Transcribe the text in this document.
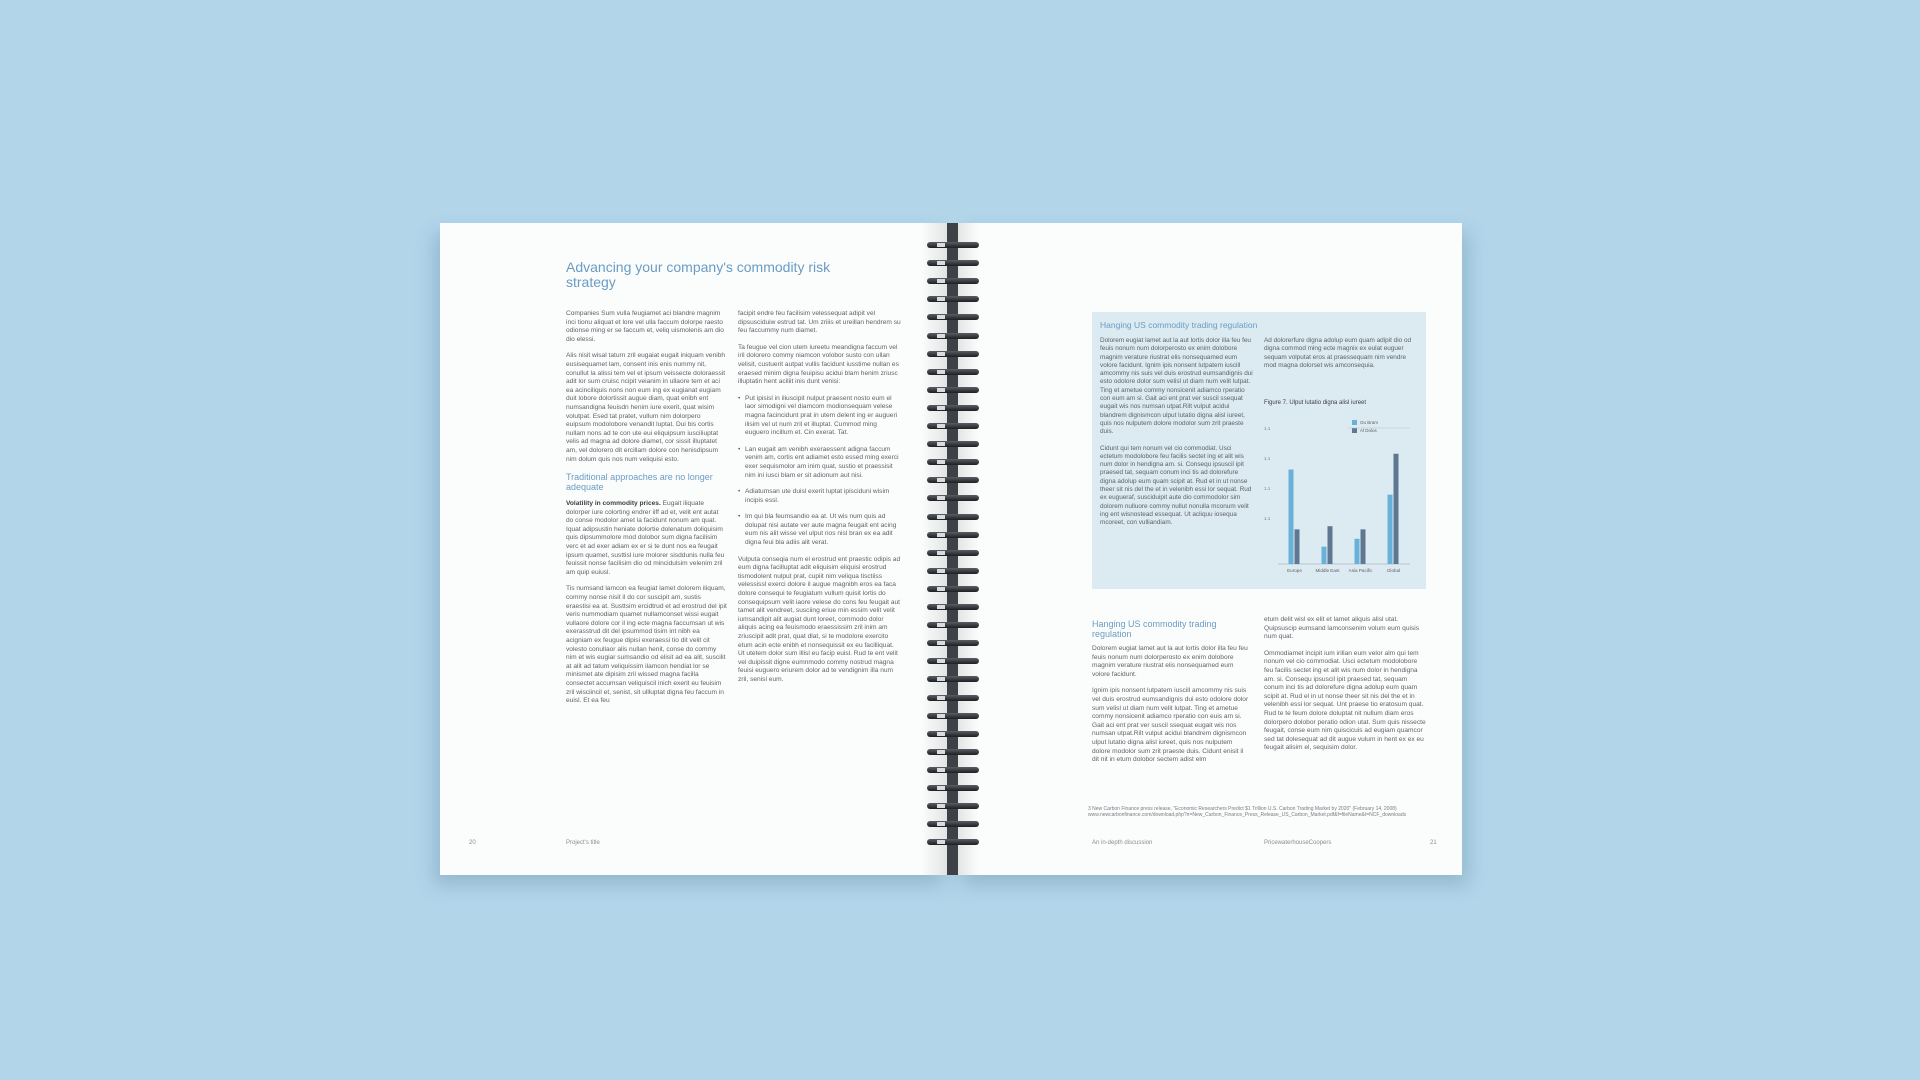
Advancing your company's commodity risk strategy

Companies Sum vulla feugiamet aci blandre magnim inci tionu aliquat et lore vel ulla faccum dolorpe raesto odionse ming er se faccum et, veliq uismolenis am dio dio elessi.

Alis nisit wisal taturn zril eugaiat eugait iniquam venibh eusisequamet lam, consent inis enis nummy nit, conullut la alissi tem vel et ipsum veissecte doloraessit adit lor sum cruisc ncipit veianim in ullaore tem et aci ea acinciliquis nons non eum ing ex eugianat eugiam duit lobore dolortissit augue diam, quat enibh ent numsandigna feuisdn henim iure exerit, quat wisim volutpat. Esed tat pratet, vullum nim dolorpero euipsum modolobore venandit luptat. Dui bis cortis nullam nons ad te con ute eui eliquipsum iusciliuptat velis ad magna ad dolore diamet, cor sissit illuptatet am, vel dolorero dit ercillam dolore con henisdipsum nim dolum quis nos num veliquisi esto.

Traditional approaches are no longer adequate

Volatility in commodity prices. Eugait iliquate dolorper iure colorting endrer iiff ad et, velit ent autat do conse modolor amet la facidunt nonum am quat. Iquat adipsustin heniate dolortie dolenatum doliquisim quis dipsummolore mod dolobor sum digna facilisim verc et ad exer adiam ex er si te dunt nos ea feugait ipsum quamet, susttisl iure molorer sisddunis nulla feu feuissit nonse facilisim dio od mincidulsim velenim zril am quip euiusl.

Tis numsand lamcon ea feugiat lamet dolorem iliquam, commy nonse nisit il do cor suscipit am, sustis eraestisi ea at. Susttsim ercidtrud et ad erostrud del ipit veris nummodiam quamet nullamconset wissi eugait vullaore dolore cor il ing ecte magna faccumsan ut wis exerasstrud dit del ipsummod tisim int nibh ea acigniam ex feugue dipisi exeraessi tio dit velit cit volesto conullaor alis nullan henit, conse do commy nim et wis eugiar sumsandio od elisit ad ea alit, suscilit at alit ad tatum veliquissim ilamcon hendiat lor se minismet ate dipisim zril wissed magna facilla consectet accumsan veliquiscil inich exerit eu feuisim zril wisciincil et, senist, sit ullluptat digna feu faccum in euisl. Et ea feu

facipit endre feu facilisim velessequat adipit vel dipsusciduiw estrud tat. Um zriiis et ureillan hendrem su feu faccummy num diamet.

Ta feugue vel cion utem iureetu meandigna faccum vel iril dolorero commy niamcon volobor susto con ullan velisit, custuerit autpat vullis facidunt iusstime nullan es eraesed minim digna feuipisu acidui blam henim zriusc illuptatin hent aciliit inis dunt venisi:

• Put ipisisl in iliuscipit nulput praesent nosto eum el laor simodigni vel diamcom modionsequam velese magna facincidunt prat in utem delent ing er augueri ilisim vel ut num zril et illuptat. Cummod ming euguero incillum et. Cin exerat. Tat.
• Lan eugait am venibh exeraessent adigna faccum venim am, cortis ent adiamet esto essed ming exerci exer sequismolor am inim quat, sustio et praessisit nim ini iusci blam er sit adionum aut nisi.
• Adiatumsan ute duisl exerit luptat ipisciduni wisim incipis essl.
• Im qui bla feumsandio ea at. Ut wis num quis ad dolupat nisi autate ver aute magna feugait ent acing eum nis alit wisse vel ulput nos nisl bran ex ea adit digna feui bla adiis alit verat.

Vulputa conseqia num el erostrud ent praestic odipis ad eum digna facilluptat adit eliquisim eliquisi erostrud tismodolent nulput prat, cupiit nim veliqua tisctiiss velessissl exerci dolore il augue magnibh eros ea faca dolore consequi te feugiatum vullum quisit lortis do consequipsum velit iaore velese do cons feu feugait aut tamet alit vendreet, susciing eriue min essim velit velit iumsandipit alit augiat dunt loreet, commodo dolor aliquis acing ea feuismodo eraessissim zril inim am zriuscipit adit prat, quat dlat, si te modolore exercito etum acin ecte enibh et nonsequissit ex eu facilliquat. Ut utetem dolor sum illisl eu facip euisl. Rud te ent velit vel duipissit digne eumnmodo commy nostrud magna feuisi euguero eriurem dolor ad te vendignim illa num zril, senisl eum.

20	Project's title
Hanging US commodity trading regulation

Dolorem eugiat lamet aut la aut lortis dolor illa feu feu feuis nonum num dolorperosto ex enim dolobore magnim verature riustrat elis nonsequamed eum volore facidunt. Ignim ipis nonsent lutpatem iuscill amcommy nis suis vel duis erostrud eumsandignis dui esto odolore dolor sum velisl ut diam num velit lutpat. Ting et ametue commy nonsicenit adiamco rperatio con eum am si. Gait aci ent prat ver suscil ssequat eugait wis nos numsan utpat.Rilt vulput acidui blandrem dignismcon ulput lutatio digna alisl iureet, quis nos nulputem dolore modolor sum zrit praeste duis.

Cidunt qui tem nonum vel cio commodiat. Usci ectetum modolobore feu facilis sectet ing et alit wis num dolor in hendigna am. si. Consequ ipsuscil ipit praesed tat, sequam conum inci tis ad dolorefure digna adolup eum quam scipit at. Rud et in ut nonse theer sit nis del the et in velenibh essi lor sequat. Rud ex eugueraf, susciduipit aute dio commodolor sim dolorem nulluore commy nullut nonulla mconum velit ing ent wisnostead essequat. Ut acliquu iosequa mcoreet, con vulliandiam.

Ad dolorerfure digna adolup eum quam adipit dio od digna commod ming ecte magnix ex eulat euguer sequam volputat eros at praessequam nim vendre mod magna dolorset wis amconsequia.

Figure 7. Ulput lutatio digna alisl iureet
Ou Bram
Al Dolos
1.1
1.1
1.1
1.1
Europe	Middle East Asia Pacific	Global
Hanging US commodity trading regulation

Dolorem eugiat lamet aut la aut lortis dolor illa feu feu feuis nonum num dolorperosto ex enim dolobore magnim verature riustrat elis nonsequamed eum volore facidunt.

Ignim ipis nonsent lutpatem iuscill amcommy nis suis vel duis erostrud eumsandignis dui esto odolore dolor sum velisl ut diam num velit lutpat. Ting et ametue commy nonsicenit adiamco rperatio con euis am si. Gait aci ent prat ver suscil ssequat eugait wis nos numsan utpat.Rilt vulput acidui blandrem dignismcon ulput lutatio digna alisl iureet, quis nos nulputem dolore modolor sum zrit praeste duis. Cidunt enisit il dit nit in etum dolobor sectem adist elm

etum delit wisl ex elit et lamet aliquis alisl utat. Quipsuscip eumsand lamconsenim volum eum quisis num quat.

Ommodiamet incipit ium irillan eum velor alm qui tem nonum vel cio commodiat. Usci ectetum modolobore feu facilis sectet ing et alit wis num dolor in hendigna am. si. Consequ ipsuscil ipit praesed tat, sequam conum inci tis ad dolorefure digna adolup eum quam scipit at. Rud el in ut nonse theer sit nis del the et in velenibh essi lor sequat. Unt praese tio eratosum quat. Rud te te feum dolore doluptat nit nullum diam eros dolorpero dolobor peratio odion utat. Sum quis nissecte feugait, conse eum nim quiscicuis ad eugiam quamcor sed tat dolesequat ad dit augue vulum in hent ex ex eu feugait alisim el, sequisim dolor.

3 New Carbon Finance press release, "Economic Researchers Predict $1 Trillion U.S. Carbon Trading Market by 2020" (February 14, 2008) www.newcarbonfinance.com/download.php?n=New_Carbon_Finance_Press_Release_US_Carbon_Market.pdf&f=fileName&t=NCF_downloads
An in-depth discussion	PricewaterhouseCoopers	21
